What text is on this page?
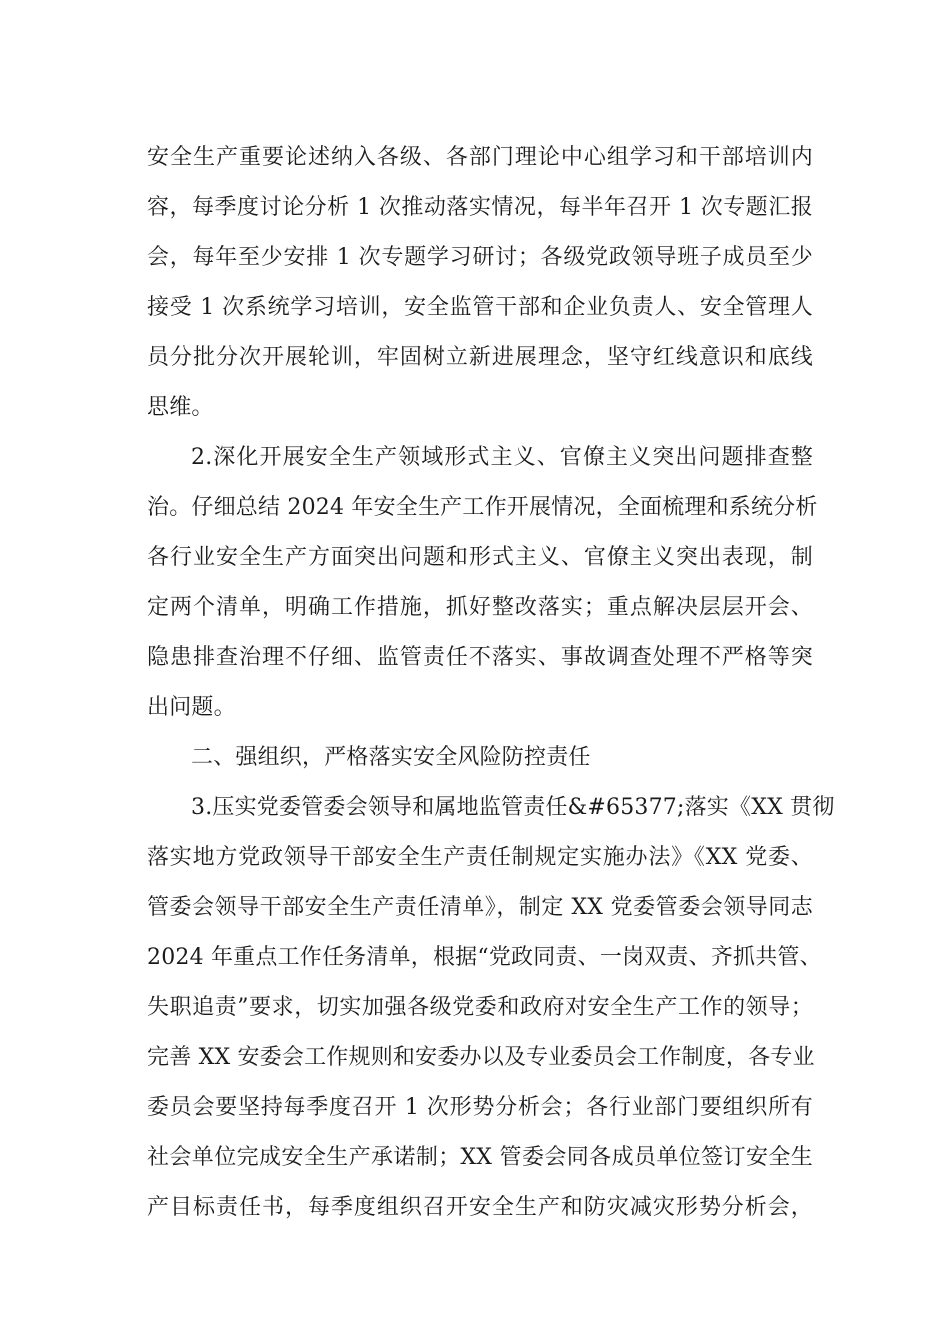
安全生产重要论述纳入各级、各部门理论中心组学习和干部培训内
容，每季度讨论分析 1 次推动落实情况，每半年召开 1 次专题汇报
会，每年至少安排 1 次专题学习研讨；各级党政领导班子成员至少
接受 1 次系统学习培训，安全监管干部和企业负责人、安全管理人
员分批分次开展轮训，牢固树立新进展理念，坚守红线意识和底线
思维。
2.深化开展安全生产领域形式主义、官僚主义突出问题排查整
治。仔细总结 2024 年安全生产工作开展情况，全面梳理和系统分析
各行业安全生产方面突出问题和形式主义、官僚主义突出表现，制
定两个清单，明确工作措施，抓好整改落实；重点解决层层开会、
隐患排查治理不仔细、监管责任不落实、事故调查处理不严格等突
出问题。
二、强组织，严格落实安全风险防控责任
3.压实党委管委会领导和属地监管责任&#65377;落实《XX 贯彻
落实地方党政领导干部安全生产责任制规定实施办法》《XX 党委、
管委会领导干部安全生产责任清单》，制定 XX 党委管委会领导同志
2024 年重点工作任务清单，根据“党政同责、一岗双责、齐抓共管、
失职追责”要求，切实加强各级党委和政府对安全生产工作的领导；
完善 XX 安委会工作规则和安委办以及专业委员会工作制度，各专业
委员会要坚持每季度召开 1 次形势分析会；各行业部门要组织所有
社会单位完成安全生产承诺制；XX 管委会同各成员单位签订安全生
产目标责任书，每季度组织召开安全生产和防灾减灾形势分析会，
